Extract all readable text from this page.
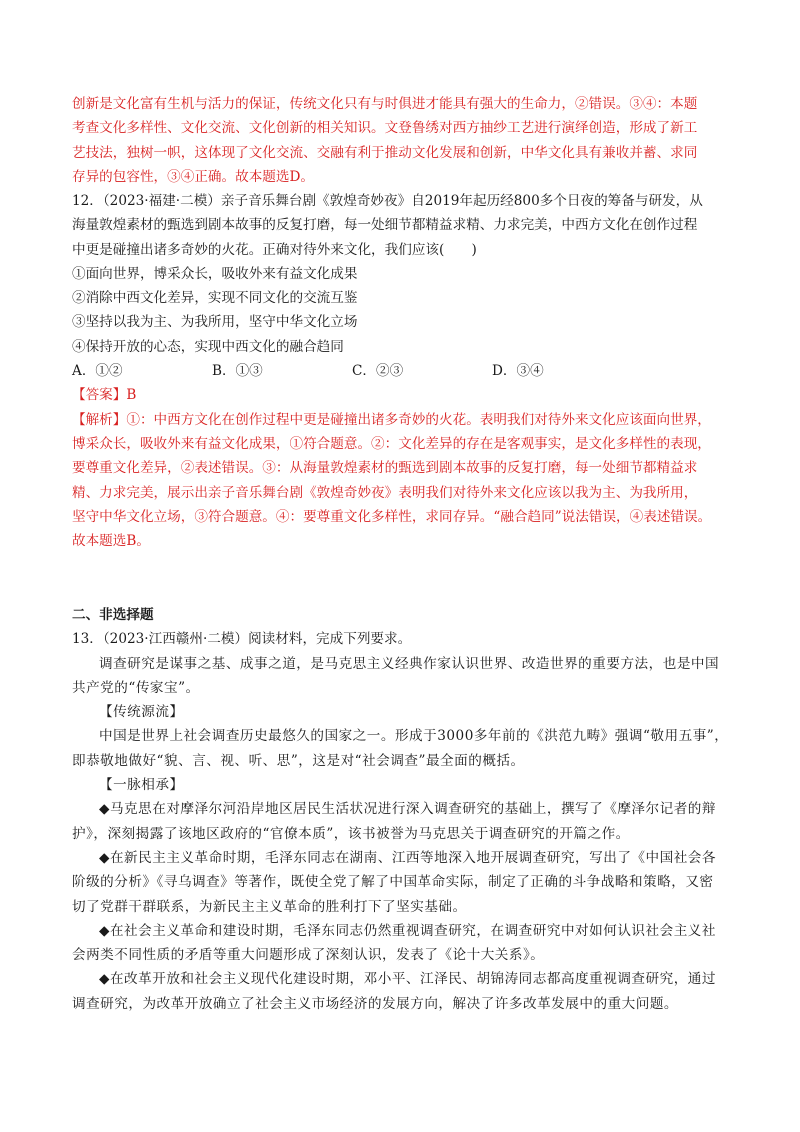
创新是文化富有生机与活力的保证，传统文化只有与时俱进才能具有强大的生命力，②错误。③④：本题

考查文化多样性、文化交流、文化创新的相关知识。文登鲁绣对西方抽纱工艺进行演绎创造，形成了新工

艺技法，独树一帜，这体现了文化交流、交融有利于推动文化发展和创新，中华文化具有兼收并蓄、求同

存异的包容性，③④正确。故本题选D。

12．（2023·福建·二模）亲子音乐舞台剧《敦煌奇妙夜》自2019年起历经800多个日夜的筹备与研发，从

海量敦煌素材的甄选到剧本故事的反复打磨，每一处细节都精益求精、力求完美，中西方文化在创作过程

中更是碰撞出诸多奇妙的火花。正确对待外来文化，我们应该(　　)

①面向世界，博采众长，吸收外来有益文化成果

②消除中西文化差异，实现不同文化的交流互鉴

③坚持以我为主、为我所用，坚守中华文化立场

④保持开放的心态，实现中西文化的融合趋同

A．①②	B．①③	C．②③	D．③④

【答案】B

【解析】①：中西方文化在创作过程中更是碰撞出诸多奇妙的火花。表明我们对待外来文化应该面向世界，

博采众长，吸收外来有益文化成果，①符合题意。②：文化差异的存在是客观事实，是文化多样性的表现，

要尊重文化差异，②表述错误。③：从海量敦煌素材的甄选到剧本故事的反复打磨，每一处细节都精益求

精、力求完美，展示出亲子音乐舞台剧《敦煌奇妙夜》表明我们对待外来文化应该以我为主、为我所用，

坚守中华文化立场，③符合题意。④：要尊重文化多样性，求同存异。“融合趋同”说法错误，④表述错误。

故本题选B。

二、非选择题

13．（2023·江西赣州·二模）阅读材料，完成下列要求。

调查研究是谋事之基、成事之道，是马克思主义经典作家认识世界、改造世界的重要方法，也是中国

共产党的“传家宝”。

【传统源流】

中国是世界上社会调查历史最悠久的国家之一。形成于3000多年前的《洪范九畴》强调“敬用五事”，

即恭敬地做好“貌、言、视、听、思”，这是对“社会调查”最全面的概括。

【一脉相承】

◆马克思在对摩泽尔河沿岸地区居民生活状况进行深入调查研究的基础上，撰写了《摩泽尔记者的辩

护》，深刻揭露了该地区政府的“官僚本质”，该书被誉为马克思关于调查研究的开篇之作。

◆在新民主主义革命时期，毛泽东同志在湖南、江西等地深入地开展调查研究，写出了《中国社会各

阶级的分析》《寻乌调查》等著作，既使全党了解了中国革命实际，制定了正确的斗争战略和策略，又密

切了党群干群联系，为新民主主义革命的胜利打下了坚实基础。

◆在社会主义革命和建设时期，毛泽东同志仍然重视调查研究，在调查研究中对如何认识社会主义社

会两类不同性质的矛盾等重大问题形成了深刻认识，发表了《论十大关系》。

◆在改革开放和社会主义现代化建设时期，邓小平、江泽民、胡锦涛同志都高度重视调查研究，通过

调查研究，为改革开放确立了社会主义市场经济的发展方向，解决了许多改革发展中的重大问题。
